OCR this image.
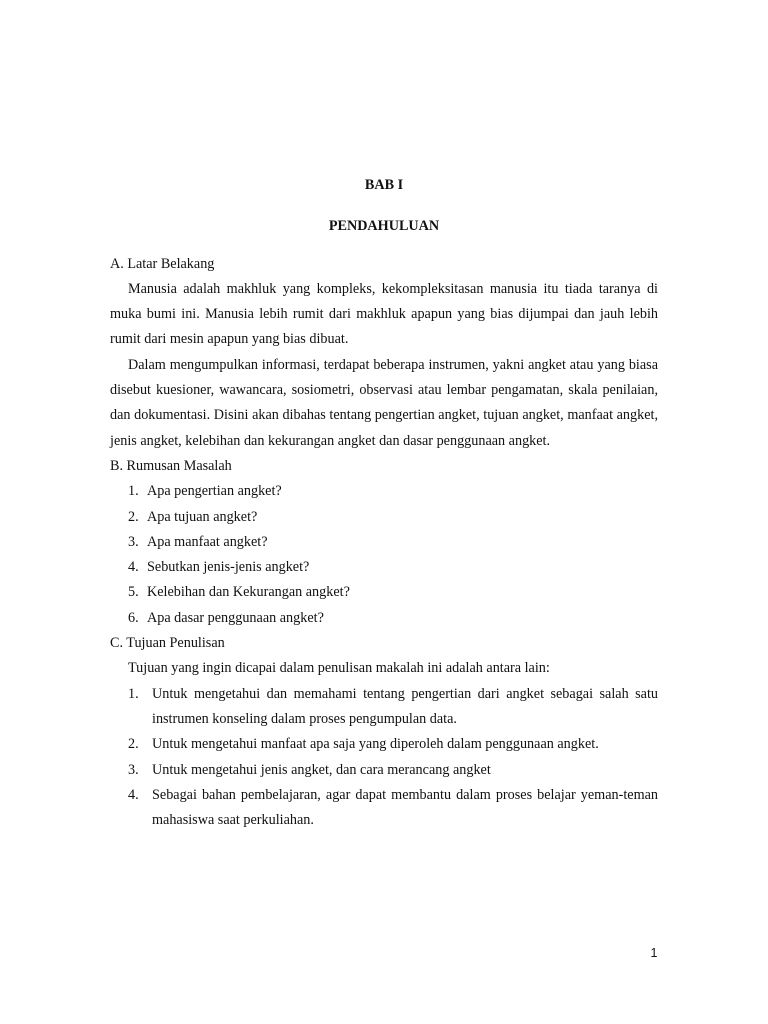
BAB I

PENDAHULUAN

A. Latar Belakang

Manusia adalah makhluk yang kompleks, kekompleksitasan manusia itu tiada taranya di muka bumi ini. Manusia lebih rumit dari makhluk apapun yang bias dijumpai dan jauh lebih rumit dari mesin apapun yang bias dibuat.

Dalam mengumpulkan informasi, terdapat beberapa instrumen, yakni angket atau yang biasa disebut kuesioner, wawancara, sosiometri, observasi atau lembar pengamatan, skala penilaian, dan dokumentasi. Disini akan dibahas tentang pengertian angket, tujuan angket, manfaat angket, jenis angket, kelebihan dan kekurangan angket dan dasar penggunaan angket.

B. Rumusan Masalah

1. Apa pengertian angket?
2. Apa tujuan angket?
3. Apa manfaat angket?
4. Sebutkan jenis-jenis angket?
5. Kelebihan dan Kekurangan angket?
6. Apa dasar penggunaan angket?

C. Tujuan Penulisan

Tujuan yang ingin dicapai dalam penulisan makalah ini adalah antara lain:

1. Untuk mengetahui dan memahami tentang pengertian dari angket sebagai salah satu instrumen konseling dalam proses pengumpulan data.
2. Untuk mengetahui manfaat apa saja yang diperoleh dalam penggunaan angket.
3. Untuk mengetahui jenis angket, dan cara merancang angket
4. Sebagai bahan pembelajaran, agar dapat membantu dalam proses belajar yeman-teman mahasiswa saat perkuliahan.
1
